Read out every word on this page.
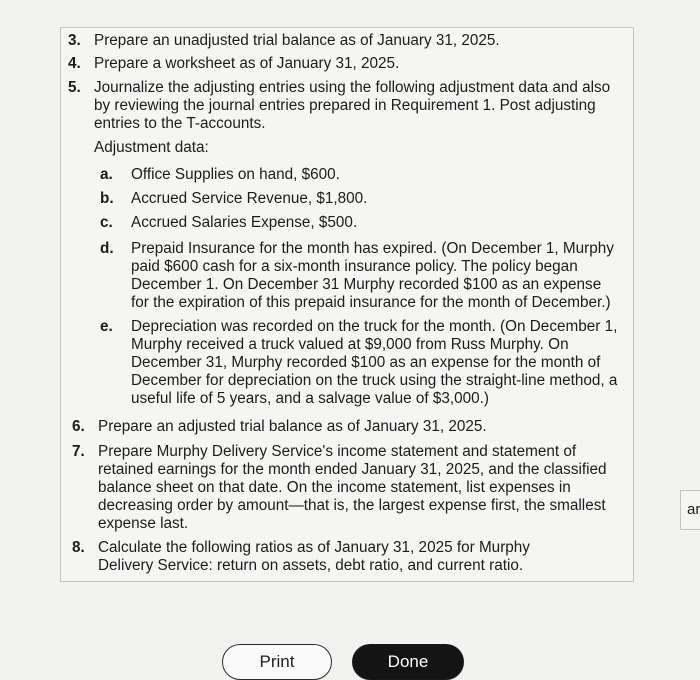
3. Prepare an unadjusted trial balance as of January 31, 2025.
4. Prepare a worksheet as of January 31, 2025.
5. Journalize the adjusting entries using the following adjustment data and also
by reviewing the journal entries prepared in Requirement 1. Post adjusting
entries to the T-accounts.
Adjustment data:
a. Office Supplies on hand, $600.
b. Accrued Service Revenue, $1,800.
c. Accrued Salaries Expense, $500.
d. Prepaid Insurance for the month has expired. (On December 1, Murphy
paid $600 cash for a six-month insurance policy. The policy began
December 1. On December 31 Murphy recorded $100 as an expense
for the expiration of this prepaid insurance for the month of December.)
e. Depreciation was recorded on the truck for the month. (On December 1,
Murphy received a truck valued at $9,000 from Russ Murphy. On
December 31, Murphy recorded $100 as an expense for the month of
December for depreciation on the truck using the straight-line method, a
useful life of 5 years, and a salvage value of $3,000.)
6. Prepare an adjusted trial balance as of January 31, 2025.
7. Prepare Murphy Delivery Service's income statement and statement of
retained earnings for the month ended January 31, 2025, and the classified
balance sheet on that date. On the income statement, list expenses in
decreasing order by amount—that is, the largest expense first, the smallest
expense last.
8. Calculate the following ratios as of January 31, 2025 for Murphy
Delivery Service: return on assets, debt ratio, and current ratio.
ar
Print	Done
